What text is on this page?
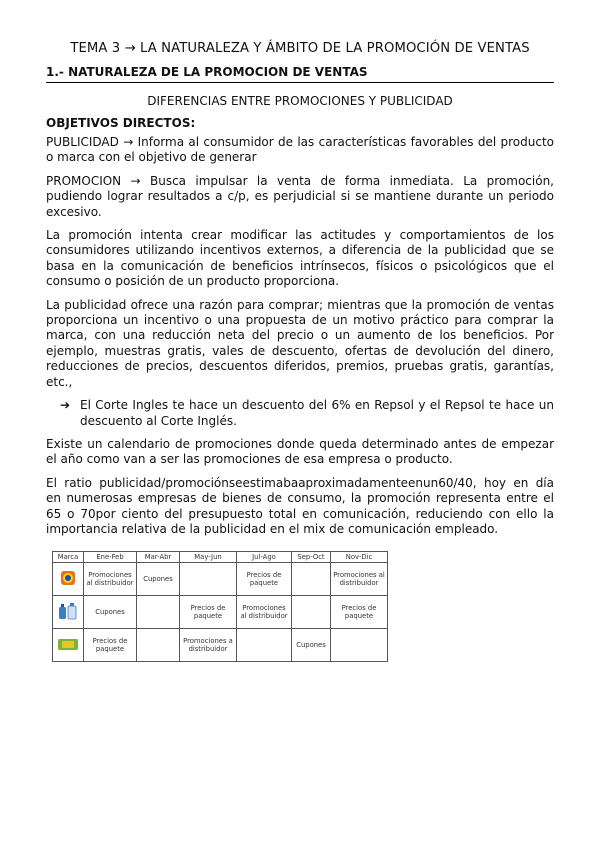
TEMA 3 → LA NATURALEZA Y ÁMBITO DE LA PROMOCIÓN DE VENTAS
1.- NATURALEZA DE LA PROMOCION DE VENTAS
DIFERENCIAS ENTRE PROMOCIONES Y PUBLICIDAD
OBJETIVOS DIRECTOS:

PUBLICIDAD → Informa al consumidor de las características favorables del producto o marca con el objetivo de generar

PROMOCION → Busca impulsar la venta de forma inmediata. La promoción, pudiendo lograr resultados a c/p, es perjudicial si se mantiene durante un periodo excesivo.

La promoción intenta crear modificar las actitudes y comportamientos de los consumidores utilizando incentivos externos, a diferencia de la publicidad que se basa en la comunicación de beneficios intrínsecos, físicos o psicológicos que el consumo o posición de un producto proporciona.

La publicidad ofrece una razón para comprar; mientras que la promoción de ventas proporciona un incentivo o una propuesta de un motivo práctico para comprar la marca, con una reducción neta del precio o un aumento de los beneficios. Por ejemplo, muestras gratis, vales de descuento, ofertas de devolución del dinero, reducciones de precios, descuentos diferidos, premios, pruebas gratis, garantías, etc.,

➔ El Corte Ingles te hace un descuento del 6% en Repsol y el Repsol te hace un descuento al Corte Inglés.

Existe un calendario de promociones donde queda determinado antes de empezar el año como van a ser las promociones de esa empresa o producto.

El ratio publicidad/promociónseestimabaaproximadamenteenun60/40, hoy en día en numerosas empresas de bienes de consumo, la promoción representa entre el 65 o 70por ciento del presupuesto total en comunicación, reduciendo con ello la importancia relativa de la publicidad en el mix de comunicación empleado.

Marca	Ene-Feb	Mar-Abr	May-Jun	Jul-Ago	Sep-Oct	Nov-Dic
	Promociones al distribuidor	Cupones		Precios de paquete		Promociones al distribuidor
	Cupones		Precios de paquete	Promociones al distribuidor		Precios de paquete
	Precios de paquete		Promociones a distribuidor		Cupones	
